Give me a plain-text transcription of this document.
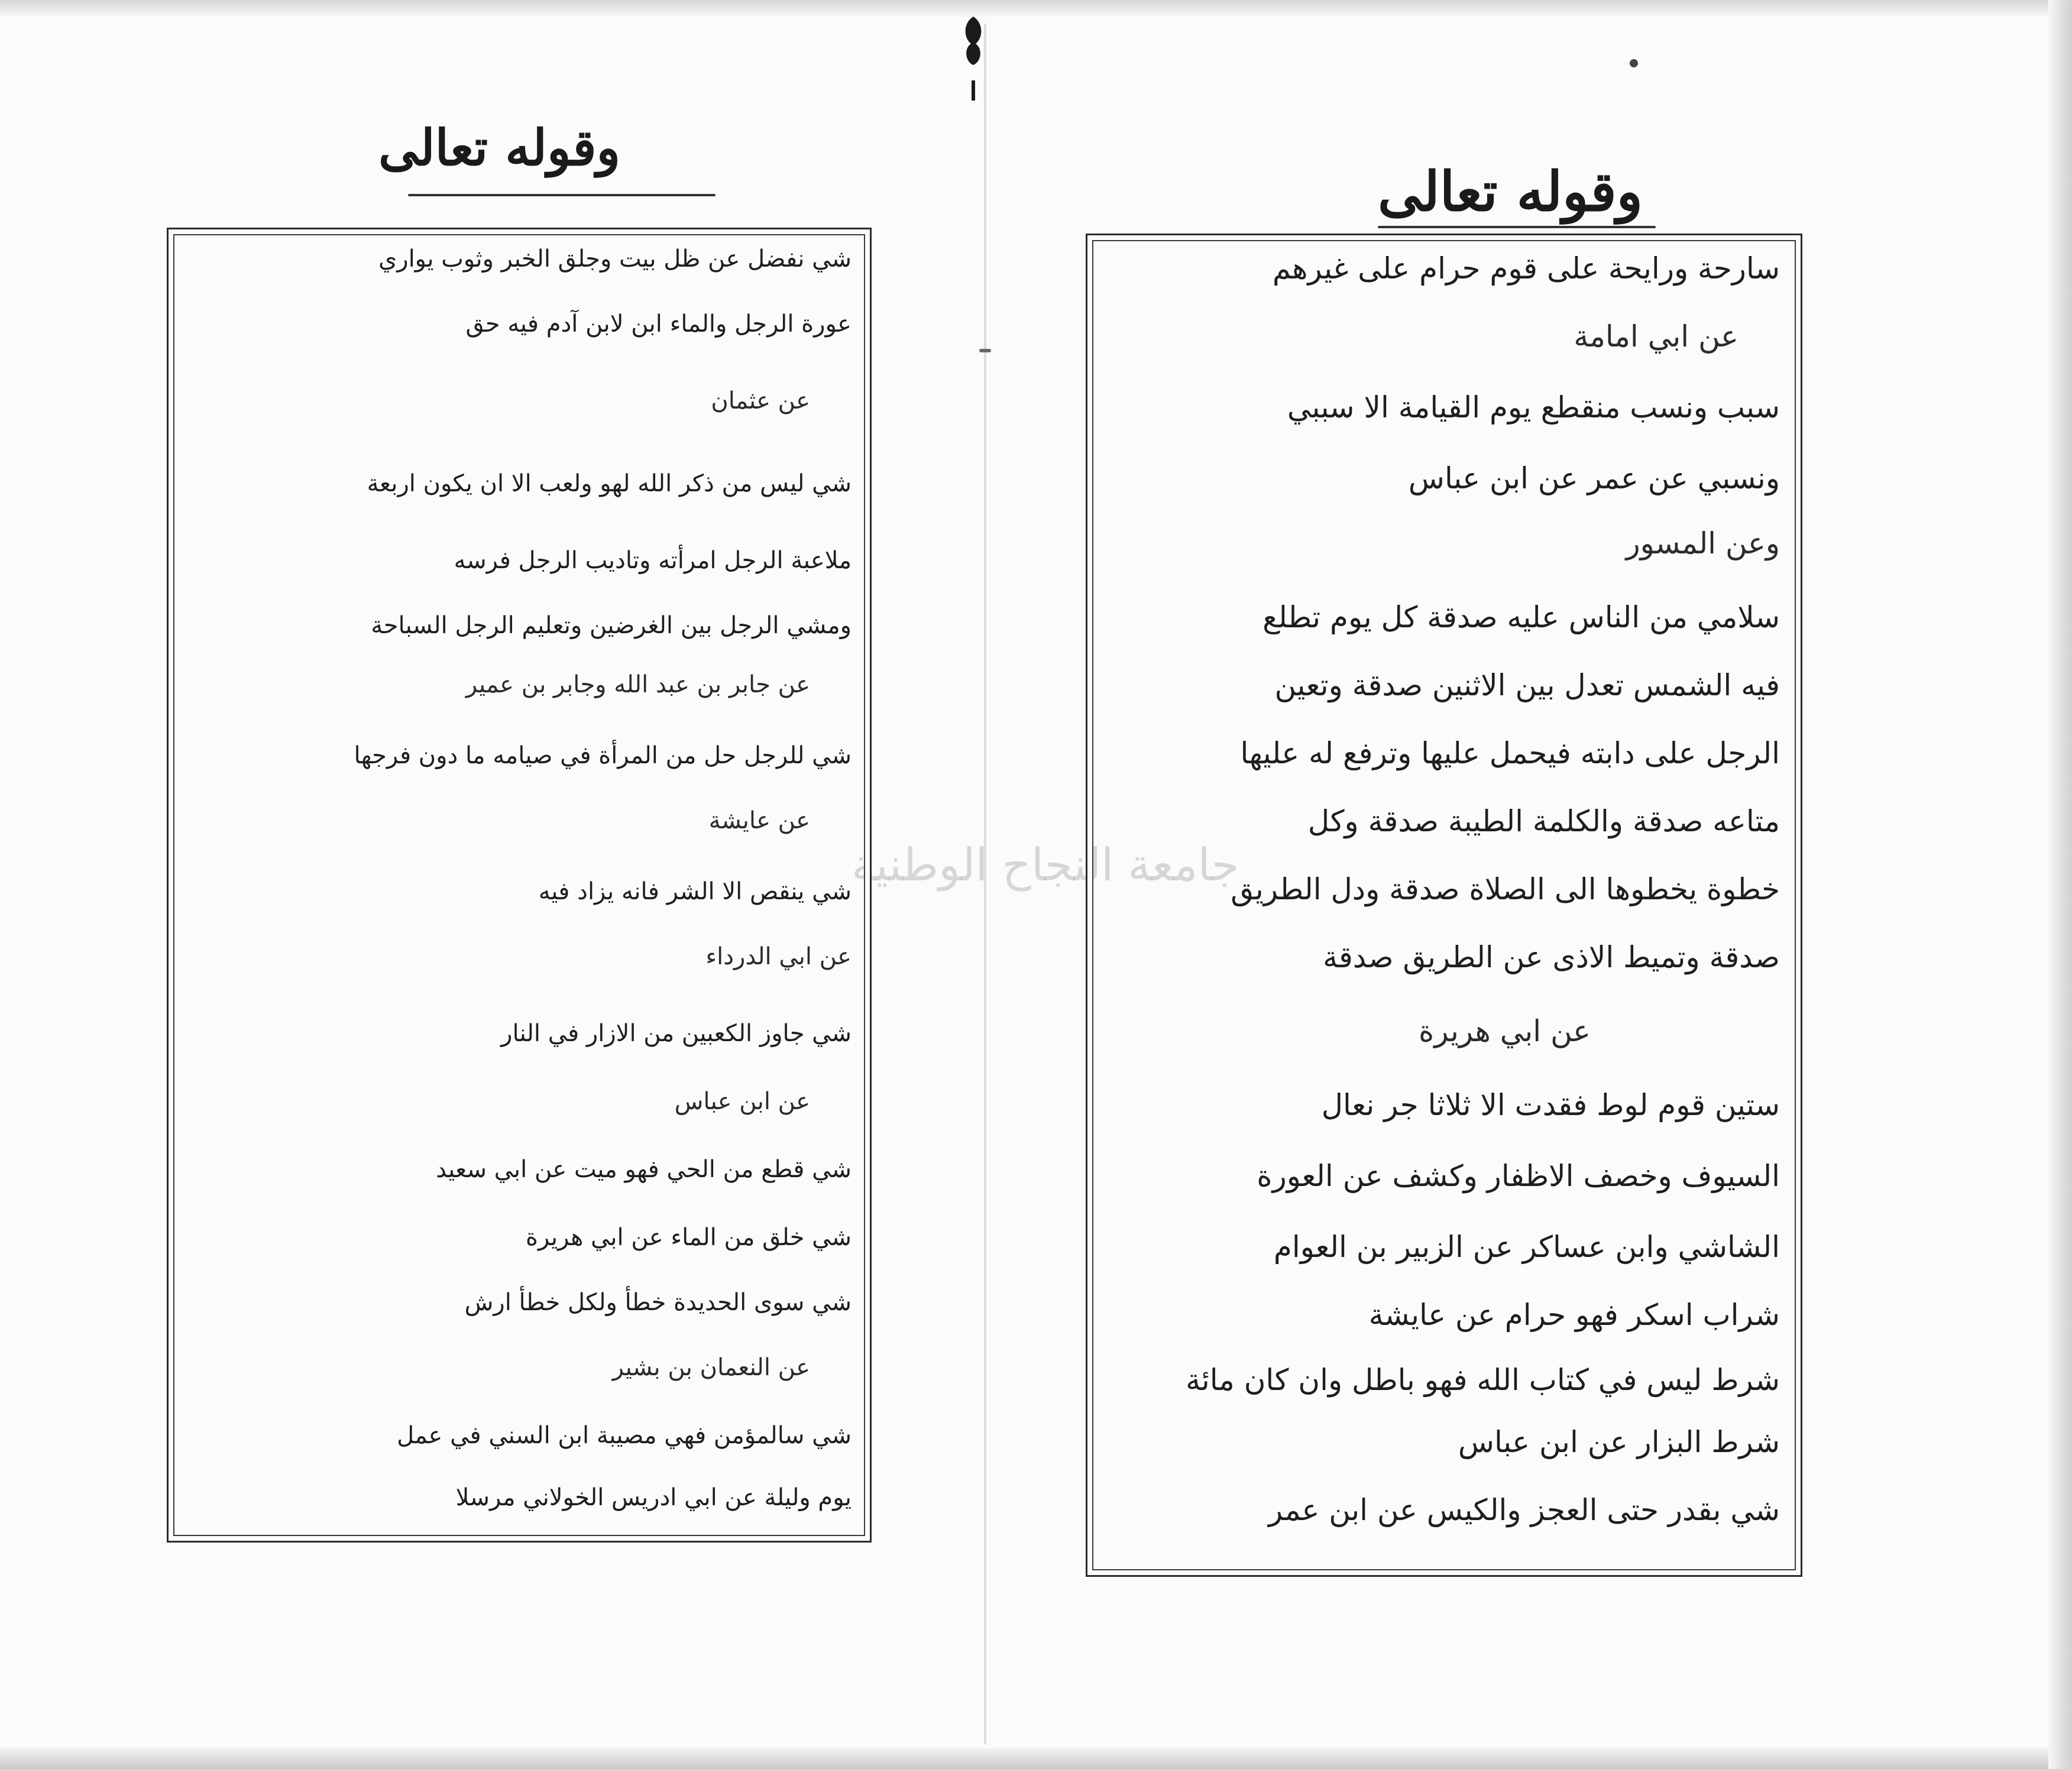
جامعة النجاح الوطنية
وقوله تعالى
شي نفضل عن ظل بيت وجلق الخبر وثوب يواري
عورة الرجل والماء ابن لابن آدم فيه حق
عن عثمان
شي ليس من ذكر الله لهو ولعب الا ان يكون اربعة
ملاعبة الرجل امرأته وتاديب الرجل فرسه
ومشي الرجل بين الغرضين وتعليم الرجل السباحة
عن جابر بن عبد الله وجابر بن عمير
شي للرجل حل من المرأة في صيامه ما دون فرجها
عن عايشة
شي ينقص الا الشر فانه يزاد فيه
عن ابي الدرداء
شي جاوز الكعبين من الازار في النار
عن ابن عباس
شي قطع من الحي فهو ميت عن ابي سعيد
شي خلق من الماء عن ابي هريرة
شي سوى الحديدة خطأ ولكل خطأ ارش
عن النعمان بن بشير
شي سالمؤمن فهي مصيبة ابن السني في عمل
يوم وليلة عن ابي ادريس الخولاني مرسلا
وقوله تعالى
سارحة ورايحة على قوم حرام على غيرهم
عن ابي امامة
سبب ونسب منقطع يوم القيامة الا سببي
ونسبي عن عمر عن ابن عباس
وعن المسور
سلامي من الناس عليه صدقة كل يوم تطلع
فيه الشمس تعدل بين الاثنين صدقة وتعين
الرجل على دابته فيحمل عليها وترفع له عليها
متاعه صدقة والكلمة الطيبة صدقة وكل
خطوة يخطوها الى الصلاة صدقة ودل الطريق
صدقة وتميط الاذى عن الطريق صدقة
عن ابي هريرة
ستين قوم لوط فقدت الا ثلاثا جر نعال
السيوف وخصف الاظفار وكشف عن العورة
الشاشي وابن عساكر عن الزبير بن العوام
شراب اسكر فهو حرام عن عايشة
شرط ليس في كتاب الله فهو باطل وان كان مائة
شرط البزار عن ابن عباس
شي بقدر حتى العجز والكيس عن ابن عمر
